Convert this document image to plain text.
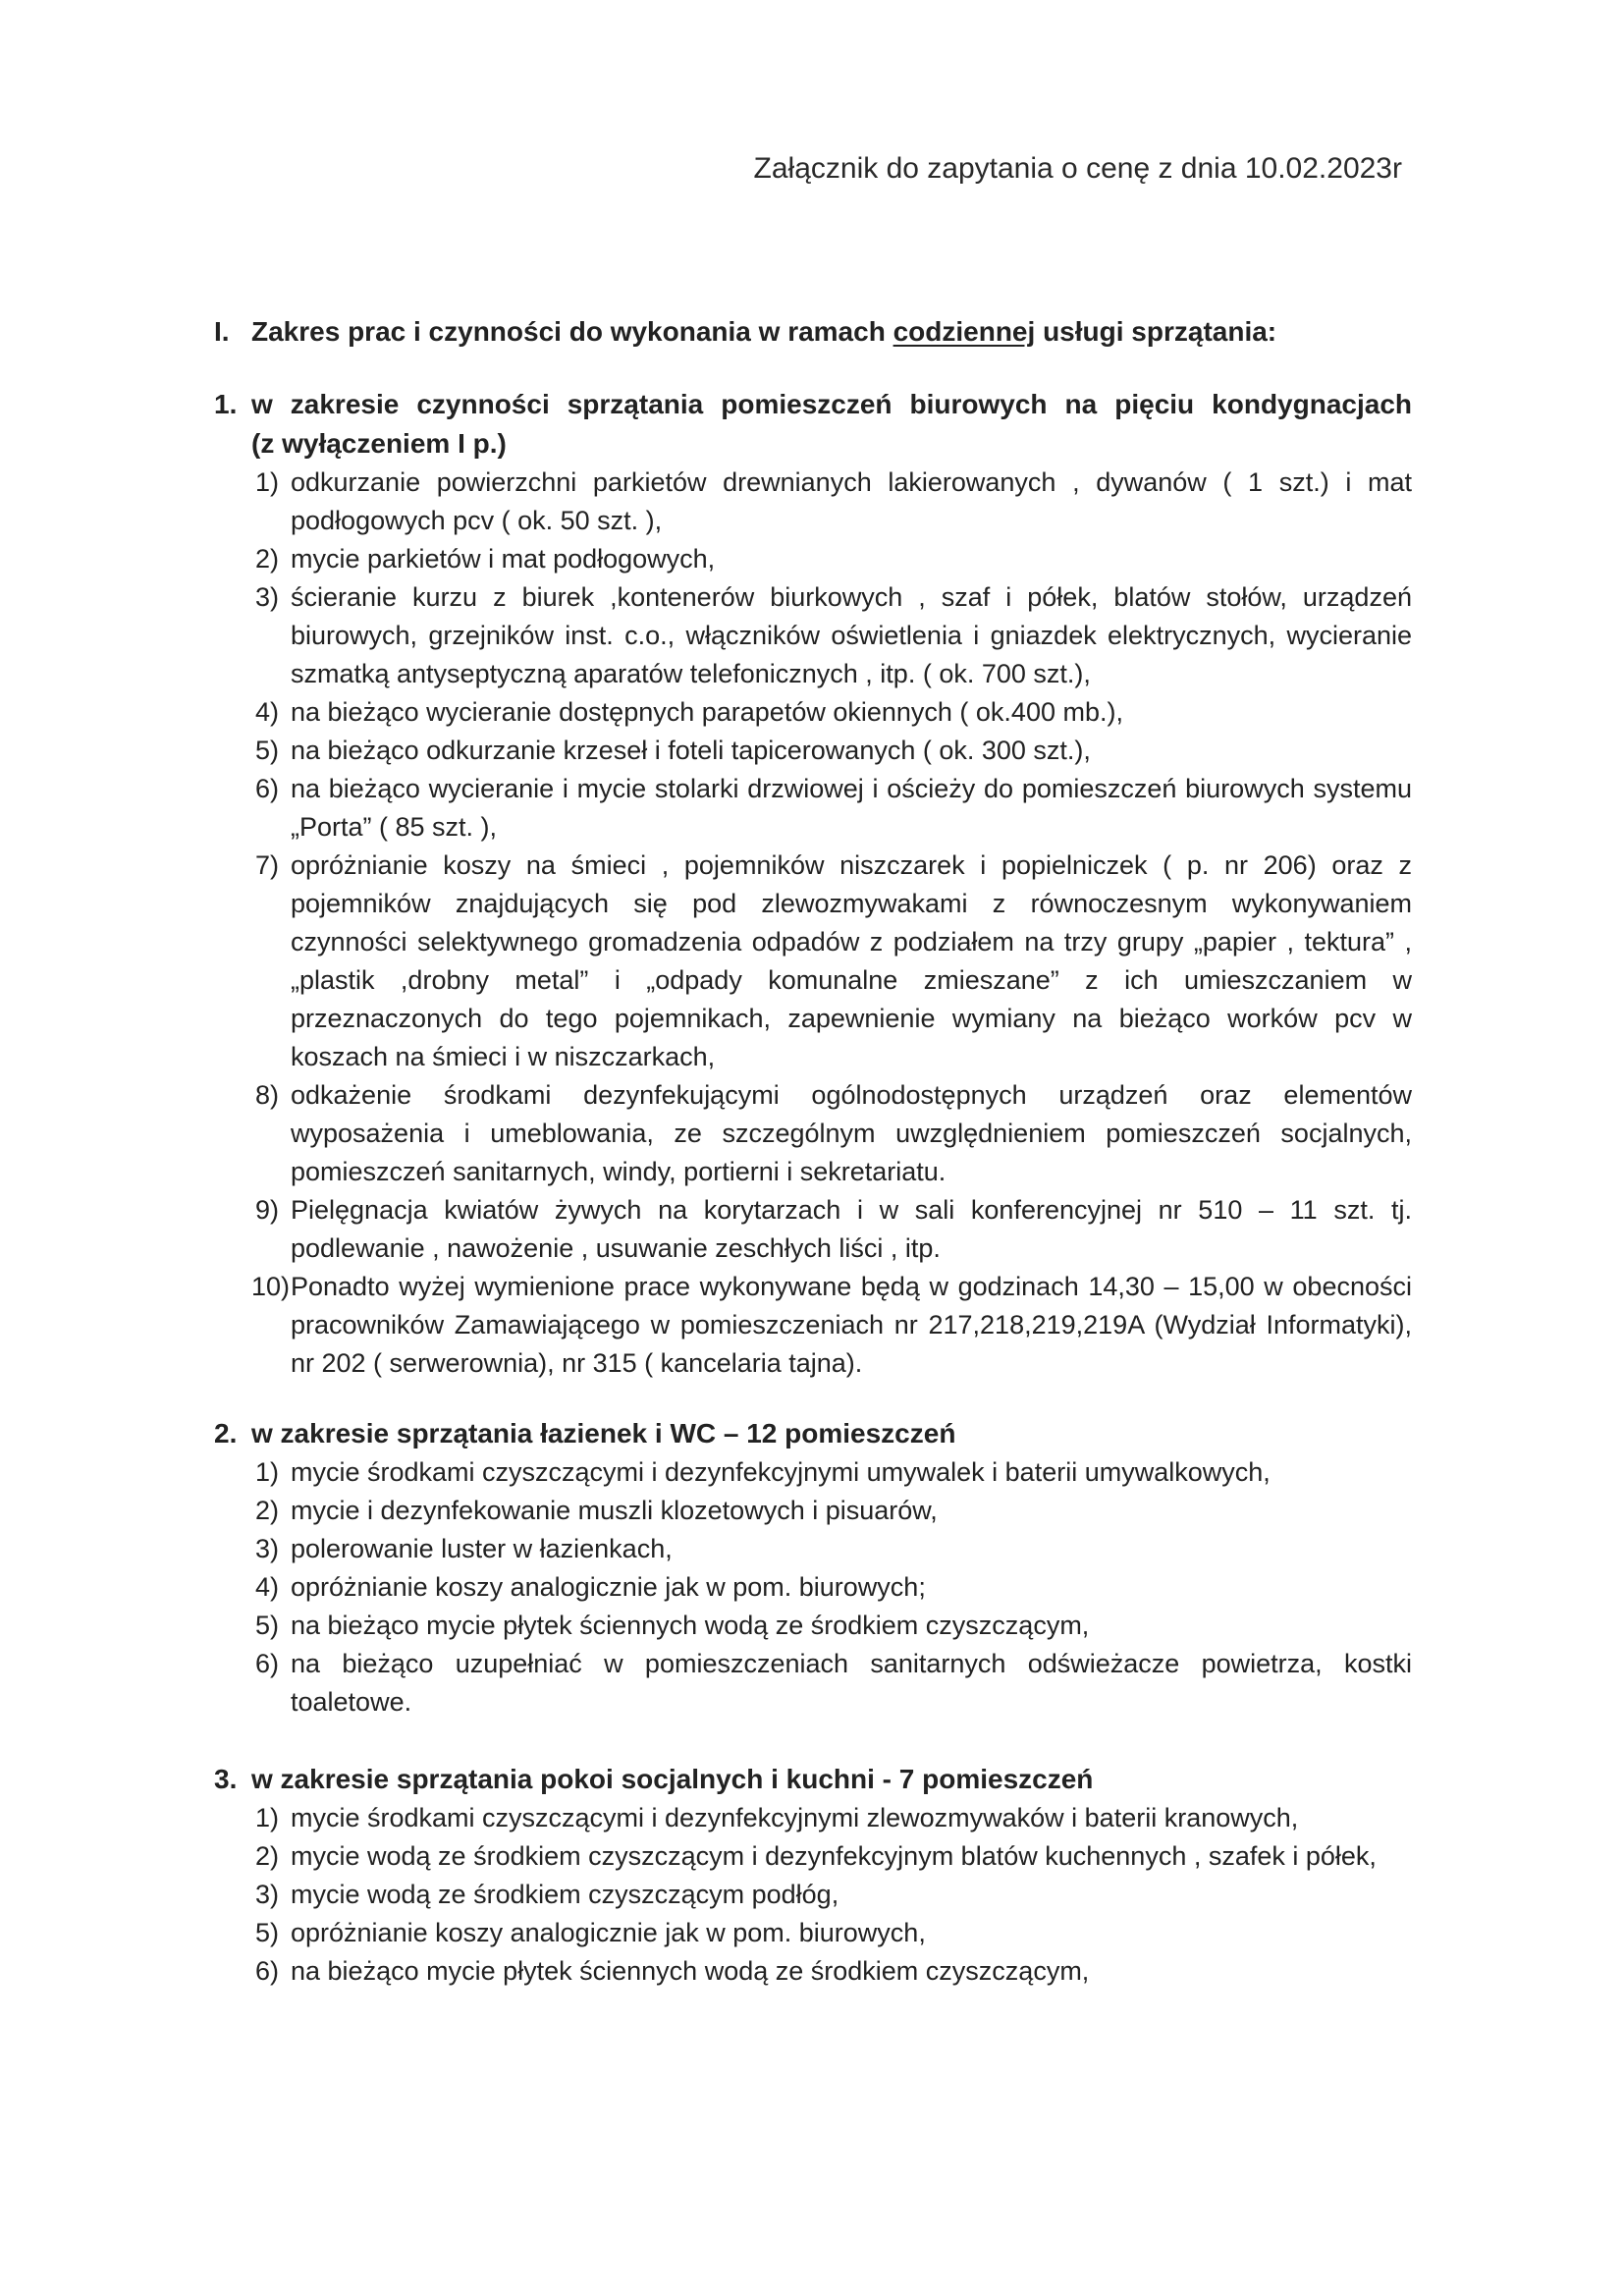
Załącznik do zapytania o cenę z dnia 10.02.2023r
I. Zakres prac i czynności do wykonania w ramach codziennej usługi sprzątania:
1. w zakresie czynności sprzątania pomieszczeń biurowych na pięciu kondygnacjach
(z wyłączeniem I p.)
1) odkurzanie powierzchni parkietów drewnianych lakierowanych , dywanów ( 1 szt.) i mat podłogowych pcv ( ok. 50 szt. ),
2) mycie parkietów i mat podłogowych,
3) ścieranie kurzu z biurek ,kontenerów biurkowych , szaf i półek, blatów stołów, urządzeń biurowych, grzejników inst. c.o., włączników oświetlenia i gniazdek elektrycznych, wycieranie szmatką antyseptyczną aparatów telefonicznych , itp. ( ok. 700 szt.),
4) na bieżąco wycieranie dostępnych parapetów okiennych ( ok.400 mb.),
5) na bieżąco odkurzanie krzeseł i foteli tapicerowanych ( ok. 300 szt.),
6) na bieżąco wycieranie i mycie stolarki drzwiowej i ościeży do pomieszczeń biurowych systemu „Porta” ( 85 szt. ),
7) opróżnianie koszy na śmieci , pojemników niszczarek i popielniczek ( p. nr 206) oraz z pojemników znajdujących się pod zlewozmywakami z równoczesnym wykonywaniem czynności selektywnego gromadzenia odpadów z podziałem na trzy grupy „papier , tektura” , „plastik ,drobny metal” i „odpady komunalne zmieszane” z ich umieszczaniem w przeznaczonych do tego pojemnikach, zapewnienie wymiany na bieżąco worków pcv w koszach na śmieci i w niszczarkach,
8) odkażenie środkami dezynfekującymi ogólnodostępnych urządzeń oraz elementów wyposażenia i umeblowania, ze szczególnym uwzględnieniem pomieszczeń socjalnych, pomieszczeń sanitarnych, windy, portierni i sekretariatu.
9) Pielęgnacja kwiatów żywych na korytarzach i w sali konferencyjnej nr 510 – 11 szt. tj. podlewanie , nawożenie , usuwanie zeschłych liści , itp.
10) Ponadto wyżej wymienione prace wykonywane będą w godzinach 14,30 – 15,00 w obecności pracowników Zamawiającego w pomieszczeniach nr 217,218,219,219A (Wydział Informatyki), nr 202 ( serwerownia), nr 315 ( kancelaria tajna).
2. w zakresie sprzątania łazienek i WC – 12 pomieszczeń
1) mycie środkami czyszczącymi i dezynfekcyjnymi umywalek i baterii umywalkowych,
2) mycie i dezynfekowanie muszli klozetowych i pisuarów,
3) polerowanie luster w łazienkach,
4) opróżnianie koszy analogicznie jak w pom. biurowych;
5) na bieżąco mycie płytek ściennych wodą ze środkiem czyszczącym,
6) na bieżąco uzupełniać w pomieszczeniach sanitarnych odświeżacze powietrza, kostki toaletowe.
3. w zakresie sprzątania pokoi socjalnych i kuchni - 7 pomieszczeń
1) mycie środkami czyszczącymi i dezynfekcyjnymi zlewozmywaków i baterii kranowych,
2) mycie wodą ze środkiem czyszczącym i dezynfekcyjnym blatów kuchennych , szafek i półek,
3) mycie wodą ze środkiem czyszczącym podłóg,
5) opróżnianie koszy analogicznie jak w pom. biurowych,
6) na bieżąco mycie płytek ściennych wodą ze środkiem czyszczącym,
